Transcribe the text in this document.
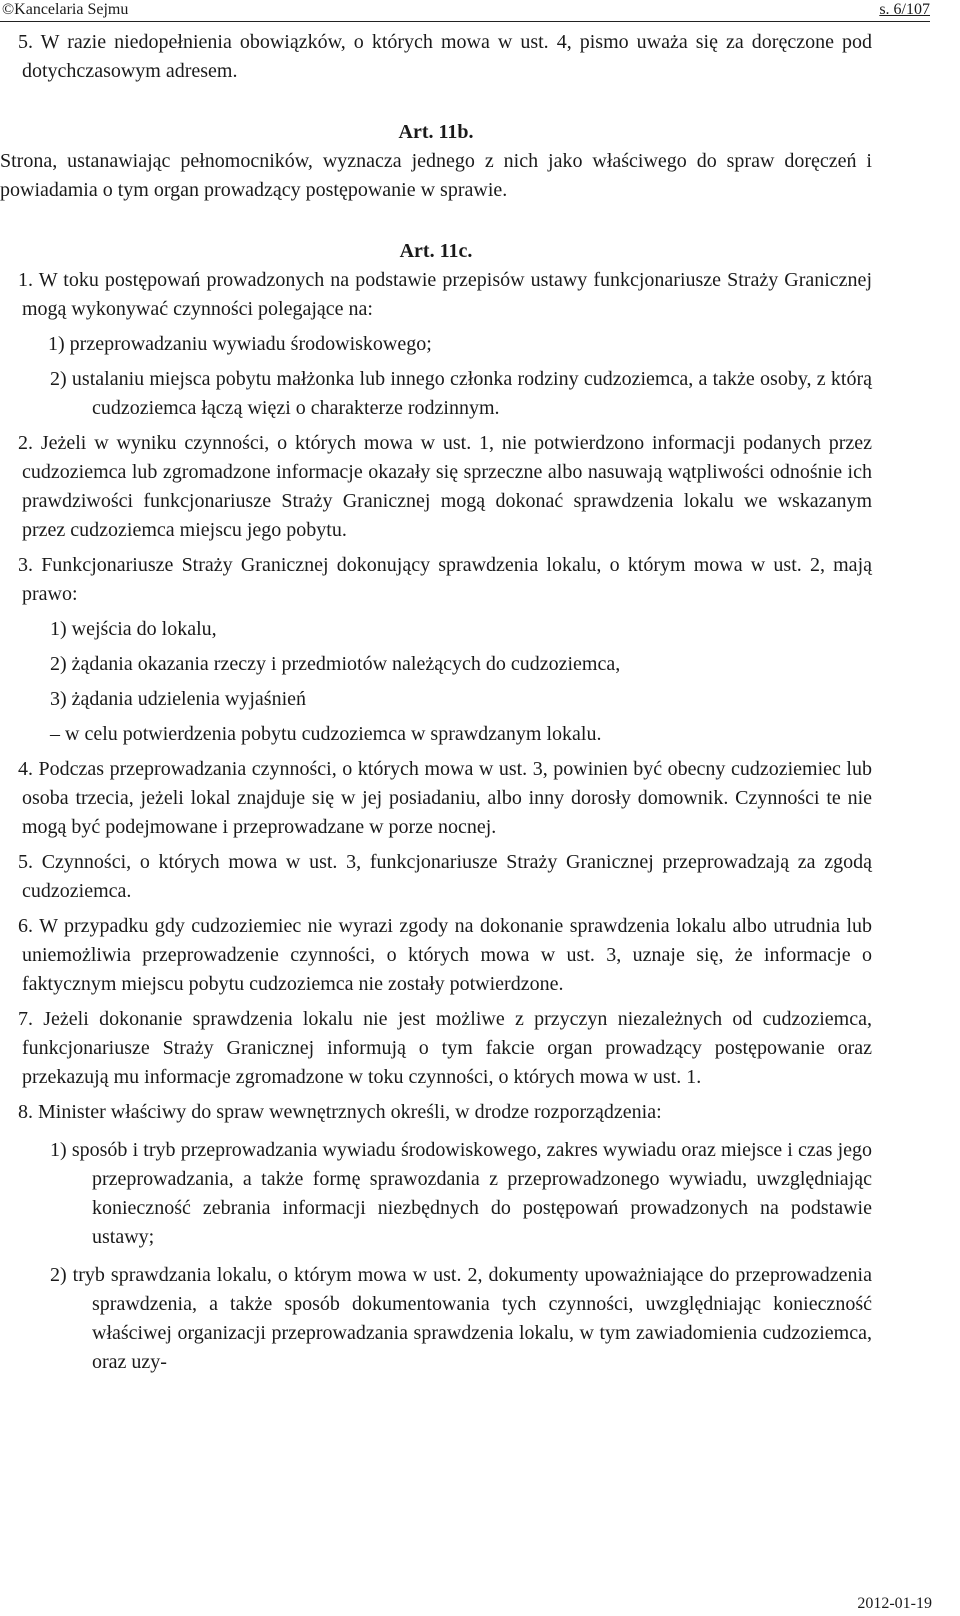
©Kancelaria Sejmu	s. 6/107

5. W razie niedopełnienia obowiązków, o których mowa w ust. 4, pismo uważa się za doręczone pod dotychczasowym adresem.

Art. 11b.

Strona, ustanawiając pełnomocników, wyznacza jednego z nich jako właściwego do spraw doręczeń i powiadamia o tym organ prowadzący postępowanie w sprawie.

Art. 11c.

1. W toku postępowań prowadzonych na podstawie przepisów ustawy funkcjonariusze Straży Granicznej mogą wykonywać czynności polegające na:

1) przeprowadzaniu wywiadu środowiskowego;

2) ustalaniu miejsca pobytu małżonka lub innego członka rodziny cudzoziemca, a także osoby, z którą cudzoziemca łączą więzi o charakterze rodzinnym.

2. Jeżeli w wyniku czynności, o których mowa w ust. 1, nie potwierdzono informacji podanych przez cudzoziemca lub zgromadzone informacje okazały się sprzeczne albo nasuwają wątpliwości odnośnie ich prawdziwości funkcjonariusze Straży Granicznej mogą dokonać sprawdzenia lokalu we wskazanym przez cudzoziemca miejscu jego pobytu.

3. Funkcjonariusze Straży Granicznej dokonujący sprawdzenia lokalu, o którym mowa w ust. 2, mają prawo:

1) wejścia do lokalu,

2) żądania okazania rzeczy i przedmiotów należących do cudzoziemca,

3) żądania udzielenia wyjaśnień

– w celu potwierdzenia pobytu cudzoziemca w sprawdzanym lokalu.

4. Podczas przeprowadzania czynności, o których mowa w ust. 3, powinien być obecny cudzoziemiec lub osoba trzecia, jeżeli lokal znajduje się w jej posiadaniu, albo inny dorosły domownik. Czynności te nie mogą być podejmowane i przeprowadzane w porze nocnej.

5. Czynności, o których mowa w ust. 3, funkcjonariusze Straży Granicznej przeprowadzają za zgodą cudzoziemca.

6. W przypadku gdy cudzoziemiec nie wyrazi zgody na dokonanie sprawdzenia lokalu albo utrudnia lub uniemożliwia przeprowadzenie czynności, o których mowa w ust. 3, uznaje się, że informacje o faktycznym miejscu pobytu cudzoziemca nie zostały potwierdzone.

7. Jeżeli dokonanie sprawdzenia lokalu nie jest możliwe z przyczyn niezależnych od cudzoziemca, funkcjonariusze Straży Granicznej informują o tym fakcie organ prowadzący postępowanie oraz przekazują mu informacje zgromadzone w toku czynności, o których mowa w ust. 1.

8. Minister właściwy do spraw wewnętrznych określi, w drodze rozporządzenia:

1) sposób i tryb przeprowadzania wywiadu środowiskowego, zakres wywiadu oraz miejsce i czas jego przeprowadzania, a także formę sprawozdania z przeprowadzonego wywiadu, uwzględniając konieczność zebrania informacji niezbędnych do postępowań prowadzonych na podstawie ustawy;

2) tryb sprawdzania lokalu, o którym mowa w ust. 2, dokumenty upoważniające do przeprowadzenia sprawdzenia, a także sposób dokumentowania tych czynności, uwzględniając konieczność właściwej organizacji przeprowadzania sprawdzenia lokalu, w tym zawiadomienia cudzoziemca, oraz uzy-

2012-01-19
